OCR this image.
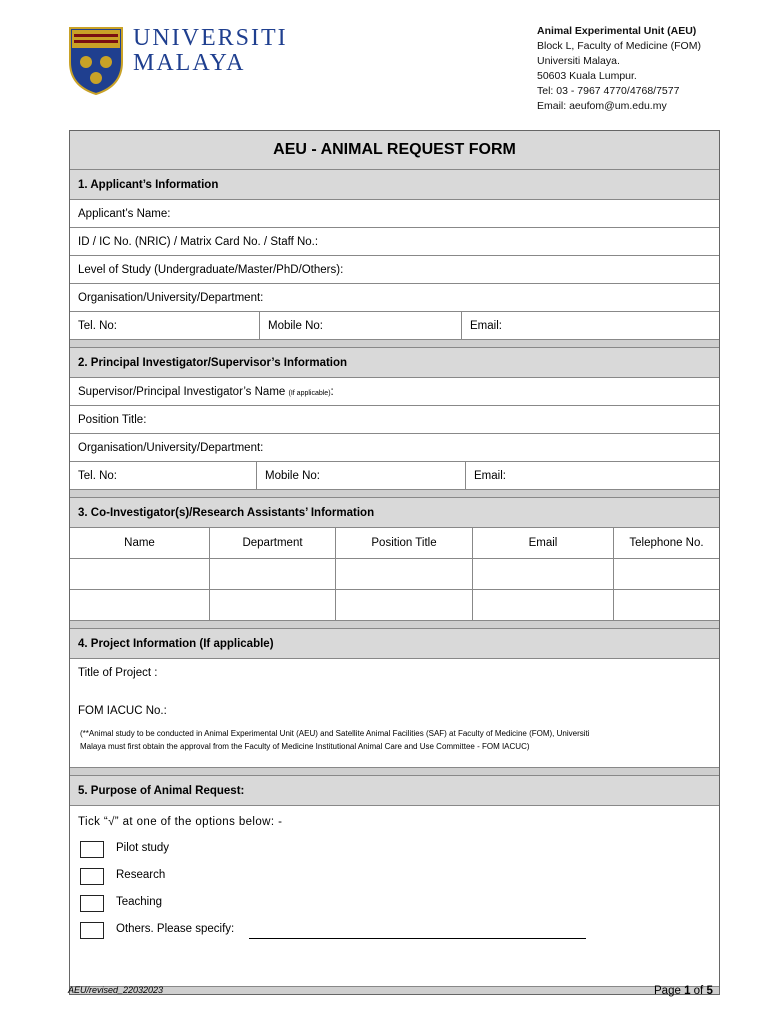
UNIVERSITI
MALAYA
Animal Experimental Unit (AEU)
Block L, Faculty of Medicine (FOM)
Universiti Malaya.
50603 Kuala Lumpur.
Tel: 03 - 7967 4770/4768/7577
Email: aeufom@um.edu.my
AEU - ANIMAL REQUEST FORM
1. Applicant’s Information
Applicant’s Name:
ID / IC No. (NRIC) / Matrix Card No. / Staff No.:
Level of Study (Undergraduate/Master/PhD/Others):
Organisation/University/Department:
Tel. No:	Mobile No:	Email:
2. Principal Investigator/Supervisor’s Information
Supervisor/Principal Investigator’s Name (If applicable):
Position Title:
Organisation/University/Department:
Tel. No:	Mobile No:	Email:
3. Co-Investigator(s)/Research Assistants’ Information
Name	Department	Position Title	Email	Telephone No.

4. Project Information (If applicable)
Title of Project :
FOM IACUC No.:
(**Animal study to be conducted in Animal Experimental Unit (AEU) and Satellite Animal Facilities (SAF) at Faculty of Medicine (FOM), Universiti
Malaya must first obtain the approval from the Faculty of Medicine Institutional Animal Care and Use Committee - FOM IACUC)
5. Purpose of Animal Request:
Tick “√” at one of the options below: -
Pilot study
Research
Teaching
Others. Please specify:
AEU/revised_22032023	Page 1 of 5
